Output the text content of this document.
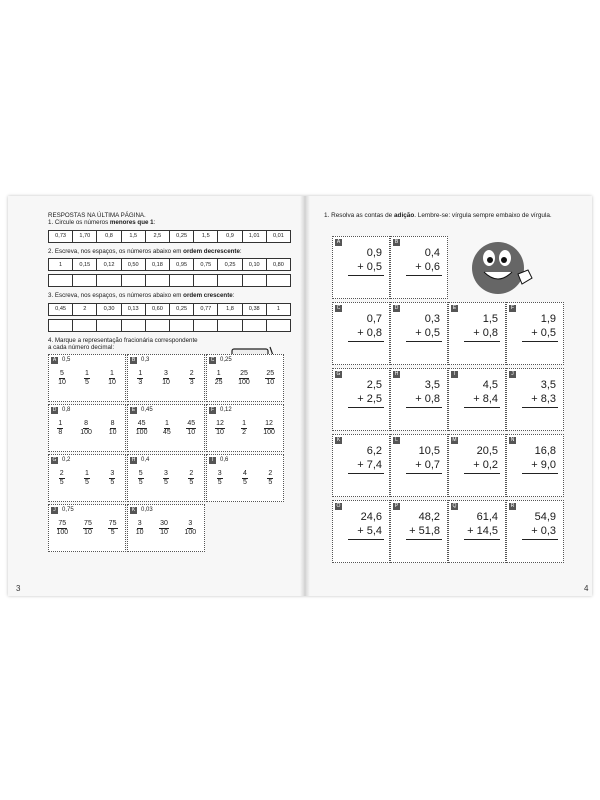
RESPOSTAS NA ÚLTIMA PÁGINA.
1. Circule os números menores que 1:
0,73	1,70	0,8	1,5	2,5	0,25	1,5	0,9	1,01	0,01
2. Escreva, nos espaços, os números abaixo em ordem decrescente:
1	0,15	0,12	0,50	0,18	0,95	0,75	0,25	0,10	0,80
3. Escreva, nos espaços, os números abaixo em ordem crescente:
0,45	2	0,30	0,13	0,60	0,25	0,77	1,8	0,38	1
4. Marque a representação fracionária correspondente
a cada número decimal:
A 0,5
$\frac{5}{10}$	$\frac{1}{5}$	$\frac{1}{10}$
B 0,3
$\frac{1}{3}$	$\frac{3}{10}$	$\frac{2}{3}$
C 0,25
$\frac{1}{25} \frac{25}{100} \frac{25}{10}$
D 0,8
$\frac{1}{8} \frac{8}{100} \frac{8}{10}$
E 0,45
$\frac{45}{100} \frac{1}{45} \frac{45}{10}$
F 0,12
$\frac{12}{10} \frac{1}{2} \frac{12}{100}$
G 0,2
$\frac{2}{5}$	$\frac{1}{5}$	$\frac{3}{5}$
H 0,4
$\frac{5}{5}$	$\frac{3}{5}$	$\frac{2}{5}$
I	0,6
$\frac{3}{5}$	$\frac{4}{5}$	$\frac{2}{5}$
J	0,75
$\frac{75}{100} \frac{75}{10} \frac{75}{5}$
K 0,03
$\frac{3}{10} \frac{30}{10} \frac{3}{100}$
3
1. Resolva as contas de adição. Lembre-se: vírgula sempre embaixo de vírgula.
A
0,9
+ 0,5
B
0,4
+ 0,6
C
0,7
+ 0,8
D
0,3
+ 0,5
E
1,5
+ 0,8
F
1,9
+ 0,5
G
2,5
+ 2,5
H
3,5
+ 0,8
I
4,5
+ 8,4
J
3,5
+ 8,3
K
6,2
+ 7,4
L
10,5
+ 0,7
M
20,5
+ 0,2
N
16,8
+ 9,0
O
24,6
+ 5,4
P
48,2
+ 51,8
Q
61,4
+ 14,5
R
54,9
+ 0,3
4
